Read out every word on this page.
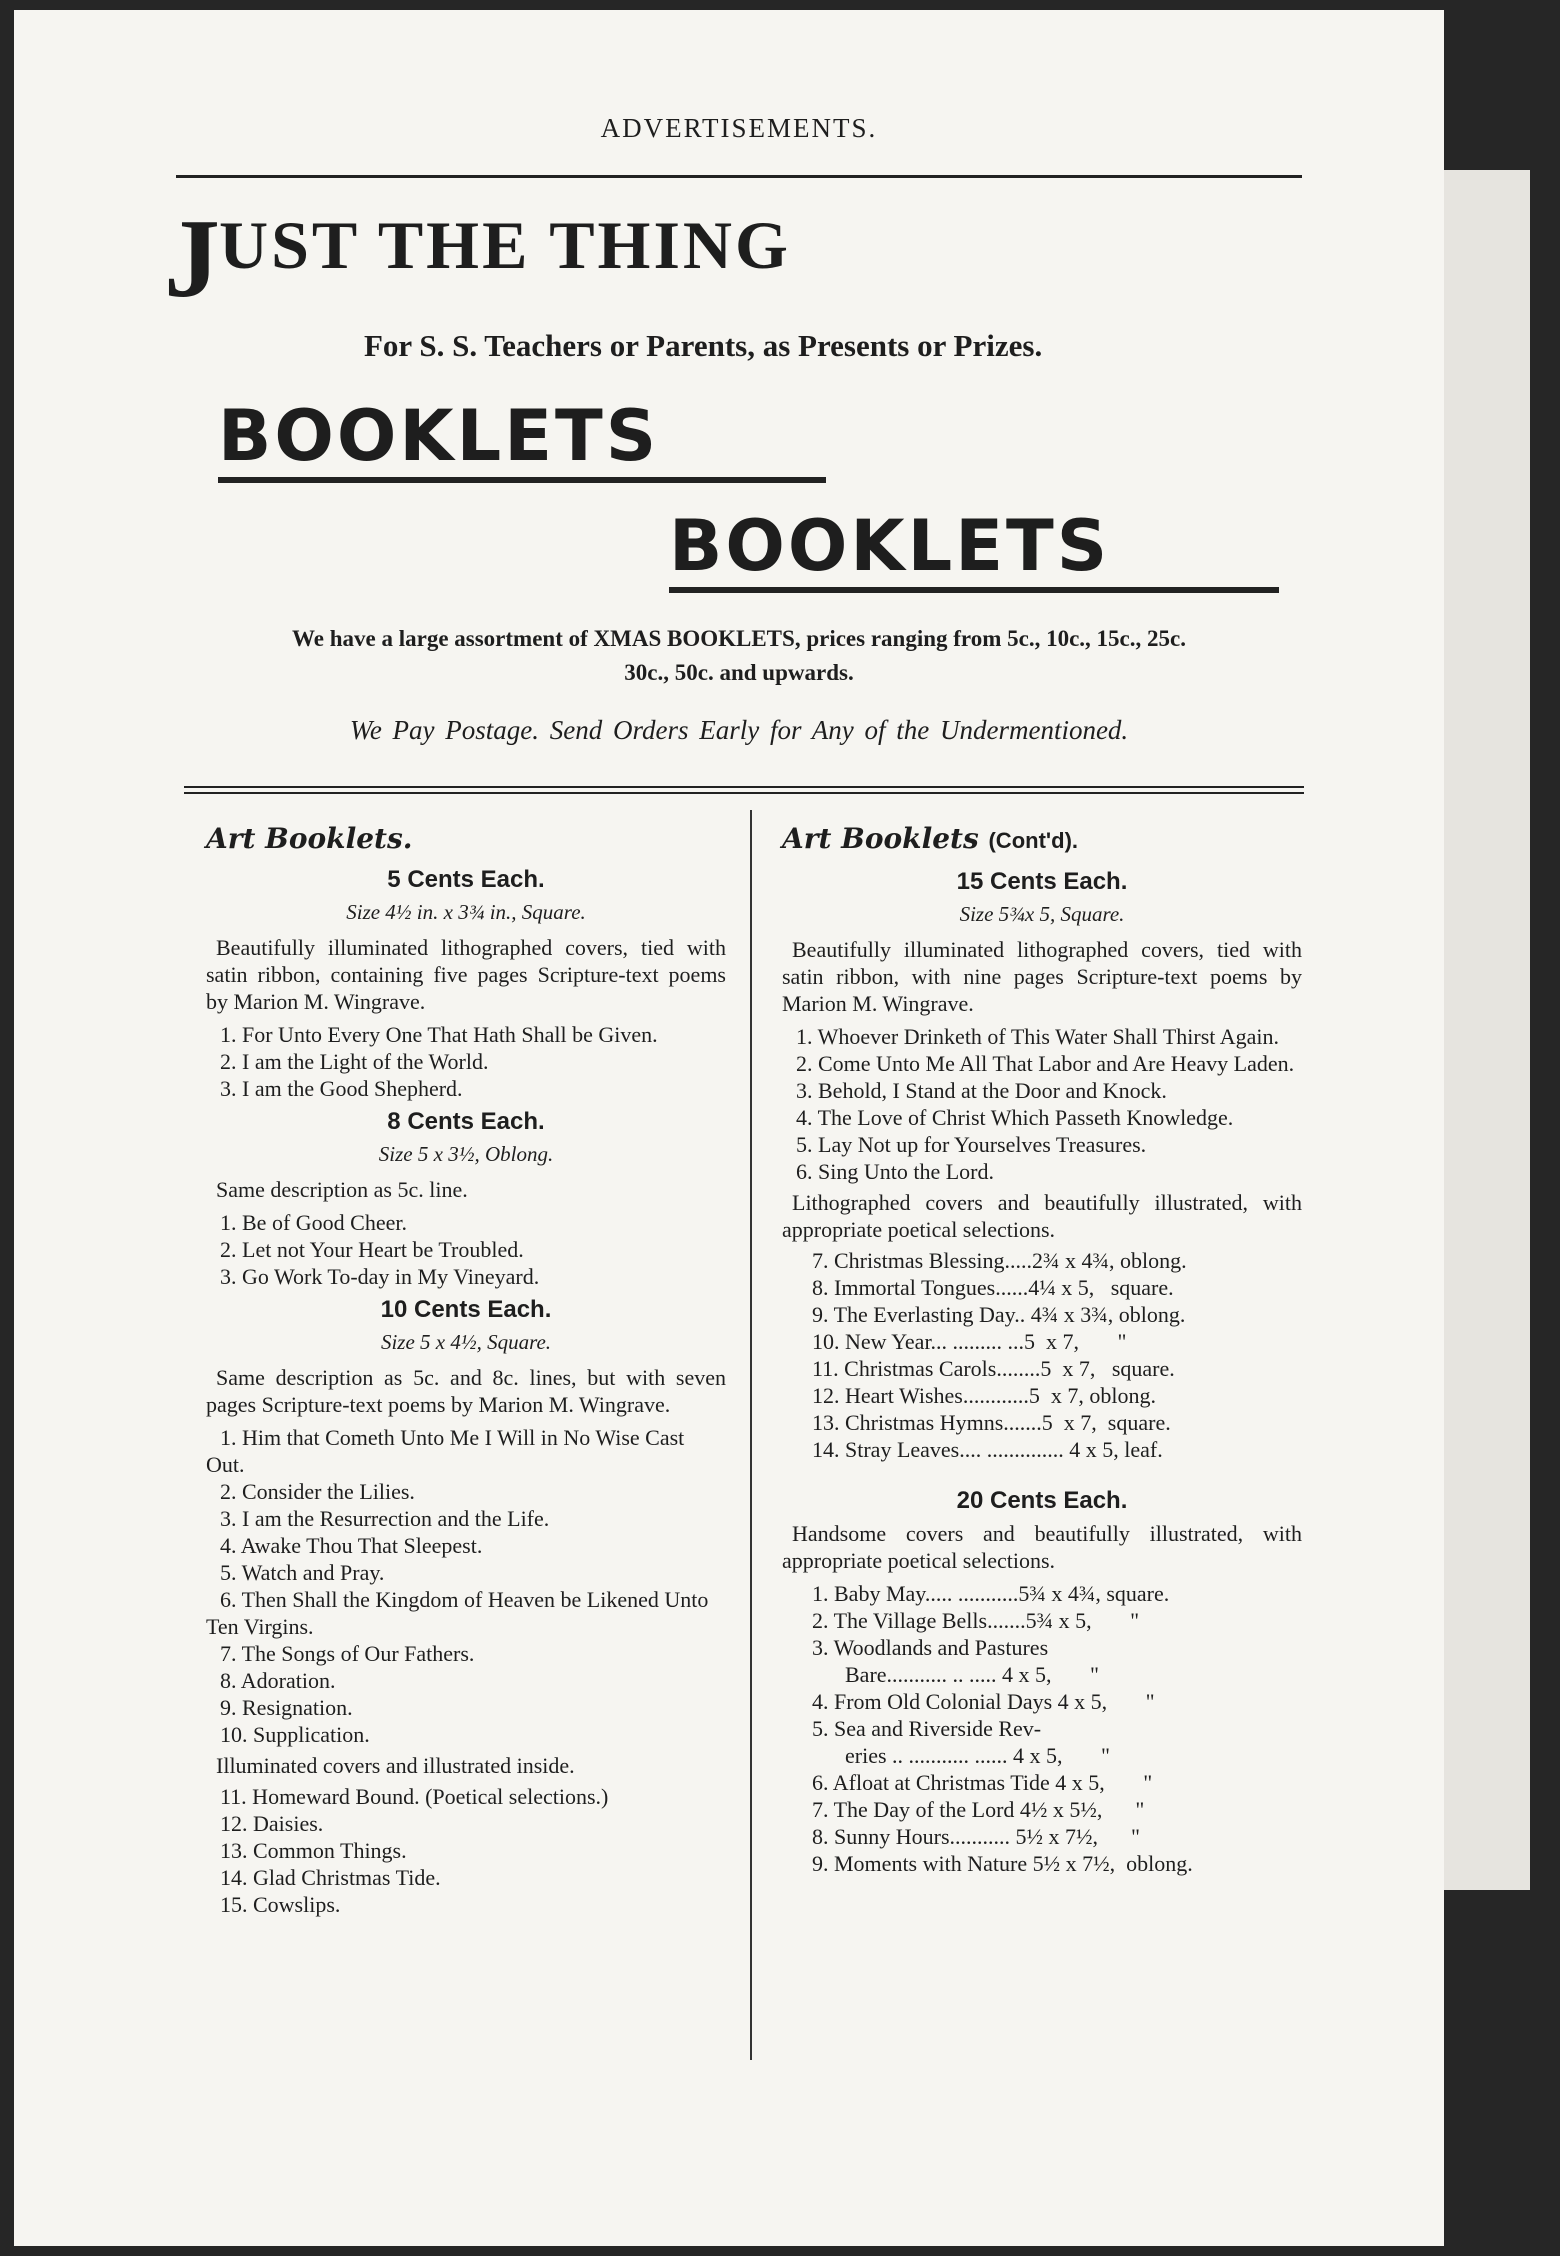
ADVERTISEMENTS.
JUST THE THING
For S. S. Teachers or Parents, as Presents or Prizes.
BOOKLETS
BOOKLETS
We have a large assortment of XMAS BOOKLETS, prices ranging from 5c., 10c., 15c., 25c.
30c., 50c. and upwards.
We Pay Postage. Send Orders Early for Any of the Undermentioned.
Art Booklets.
5 Cents Each.
Size 4½ in. x 3¾ in., Square.
Beautifully illuminated lithographed covers, tied with satin ribbon, containing five pages Scripture-text poems by Marion M. Wingrave.
1. For Unto Every One That Hath Shall be Given.
2. I am the Light of the World.
3. I am the Good Shepherd.
8 Cents Each.
Size 5 x 3½, Oblong.
Same description as 5c. line.
1. Be of Good Cheer.
2. Let not Your Heart be Troubled.
3. Go Work To-day in My Vineyard.
10 Cents Each.
Size 5 x 4½, Square.
Same description as 5c. and 8c. lines, but with seven pages Scripture-text poems by Marion M. Wingrave.
1. Him that Cometh Unto Me I Will in No Wise Cast Out.
2. Consider the Lilies.
3. I am the Resurrection and the Life.
4. Awake Thou That Sleepest.
5. Watch and Pray.
6. Then Shall the Kingdom of Heaven be Likened Unto Ten Virgins.
7. The Songs of Our Fathers.
8. Adoration.
9. Resignation.
10. Supplication.
Illuminated covers and illustrated inside.
11. Homeward Bound. (Poetical selections.)
12. Daisies.
13. Common Things.
14. Glad Christmas Tide.
15. Cowslips.
Art Booklets (Cont'd).
15 Cents Each.
Size 5¾x 5, Square.
Beautifully illuminated lithographed covers, tied with satin ribbon, with nine pages Scripture-text poems by Marion M. Wingrave.
1. Whoever Drinketh of This Water Shall Thirst Again.
2. Come Unto Me All That Labor and Are Heavy Laden.
3. Behold, I Stand at the Door and Knock.
4. The Love of Christ Which Passeth Knowledge.
5. Lay Not up for Yourselves Treasures.
6. Sing Unto the Lord.
Lithographed covers and beautifully illustrated, with appropriate poetical selections.
7. Christmas Blessing.....2¾ x 4¾, oblong.
8. Immortal Tongues......4¼ x 5,   square.
9. The Everlasting Day.. 4¾ x 3¾, oblong.
10. New Year... ......... ...5  x 7,       "
11. Christmas Carols........5  x 7,   square.
12. Heart Wishes............5  x 7, oblong.
13. Christmas Hymns.......5  x 7,  square.
14. Stray Leaves.... .............. 4 x 5, leaf.
20 Cents Each.
Handsome covers and beautifully illustrated, with appropriate poetical selections.
1. Baby May..... ...........5¾ x 4¾, square.
2. The Village Bells.......5¾ x 5,       "
3. Woodlands and Pastures
Bare........... .. ..... 4 x 5,       "
4. From Old Colonial Days 4 x 5,       "
5. Sea and Riverside Rev-
eries .. ........... ...... 4 x 5,       "
6. Afloat at Christmas Tide 4 x 5,       "
7. The Day of the Lord 4½ x 5½,      "
8. Sunny Hours........... 5½ x 7½,      "
9. Moments with Nature 5½ x 7½,  oblong.
